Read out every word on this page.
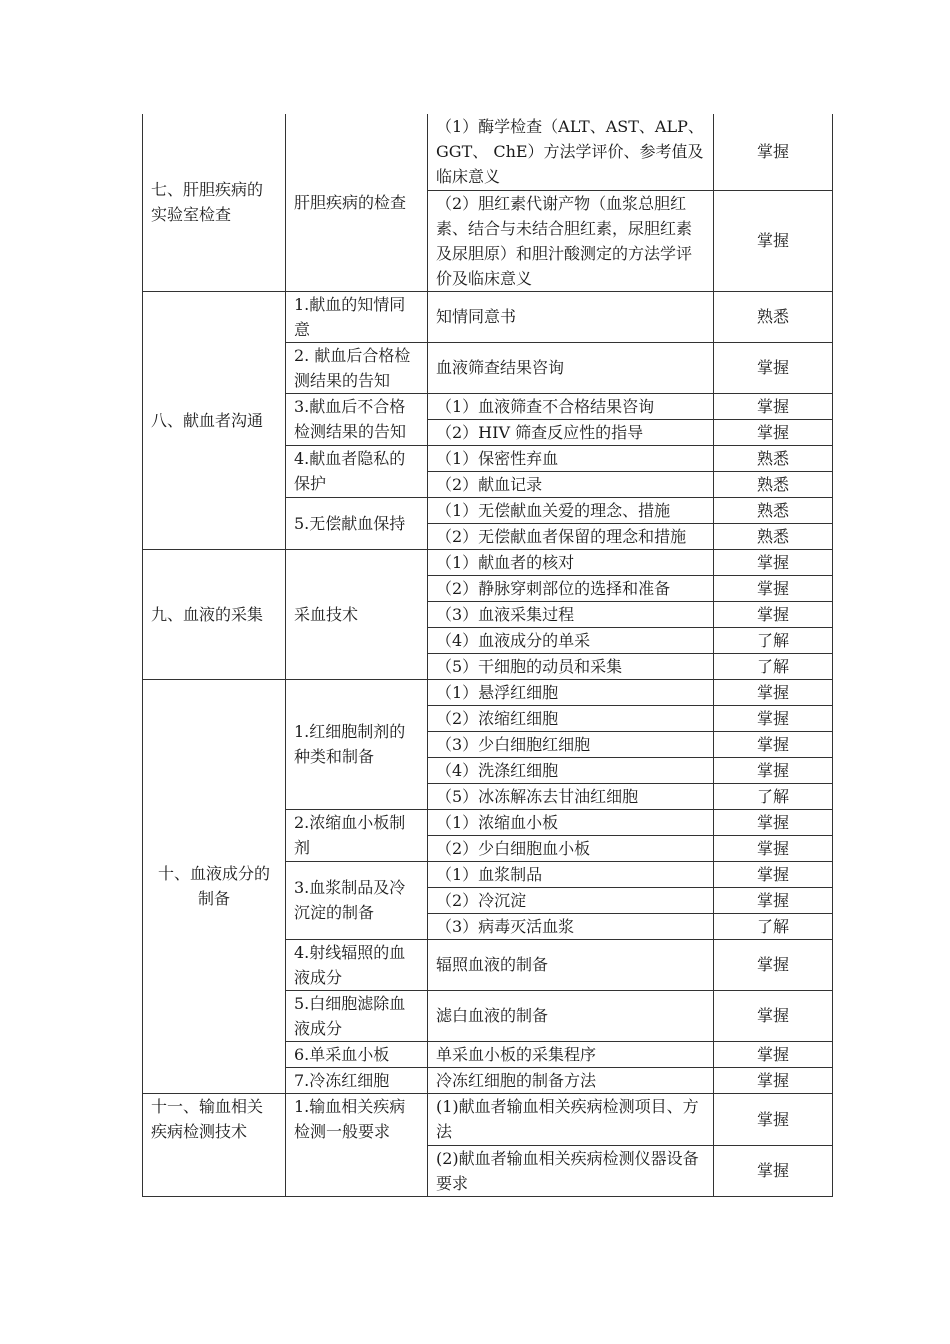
七、肝胆疾病的实验室检查	肝胆疾病的检查	（1）酶学检查（ALT、AST、ALP、GGT、 ChE）方法学评价、参考值及临床意义	掌握
		（2）胆红素代谢产物（血浆总胆红素、结合与未结合胆红素，尿胆红素及尿胆原）和胆汁酸测定的方法学评价及临床意义	掌握
八、献血者沟通	1.献血的知情同意	知情同意书	熟悉
	2. 献血后合格检测结果的告知	血液筛查结果咨询	掌握
	3.献血后不合格检测结果的告知	（1）血液筛查不合格结果咨询	掌握
		（2）HIV 筛查反应性的指导	掌握
	4.献血者隐私的保护	（1）保密性弃血	熟悉
		（2）献血记录	熟悉
	5.无偿献血保持	（1）无偿献血关爱的理念、措施	熟悉
		（2）无偿献血者保留的理念和措施	熟悉
九、血液的采集	采血技术	（1）献血者的核对	掌握
		（2）静脉穿刺部位的选择和准备	掌握
		（3）血液采集过程	掌握
		（4）血液成分的单采	了解
		（5）干细胞的动员和采集	了解
十、血液成分的制备	1.红细胞制剂的种类和制备	（1）悬浮红细胞	掌握
		（2）浓缩红细胞	掌握
		（3）少白细胞红细胞	掌握
		（4）洗涤红细胞	掌握
		（5）冰冻解冻去甘油红细胞	了解
	2.浓缩血小板制剂	（1）浓缩血小板	掌握
		（2）少白细胞血小板	掌握
	3.血浆制品及冷沉淀的制备	（1）血浆制品	掌握
		（2）冷沉淀	掌握
		（3）病毒灭活血浆	了解
	4.射线辐照的血液成分	辐照血液的制备	掌握
	5.白细胞滤除血液成分	滤白血液的制备	掌握
	6.单采血小板	单采血小板的采集程序	掌握
	7.冷冻红细胞	冷冻红细胞的制备方法	掌握
十一、输血相关疾病检测技术	1.输血相关疾病检测一般要求	(1)献血者输血相关疾病检测项目、方法	掌握
		(2)献血者输血相关疾病检测仪器设备要求	掌握
